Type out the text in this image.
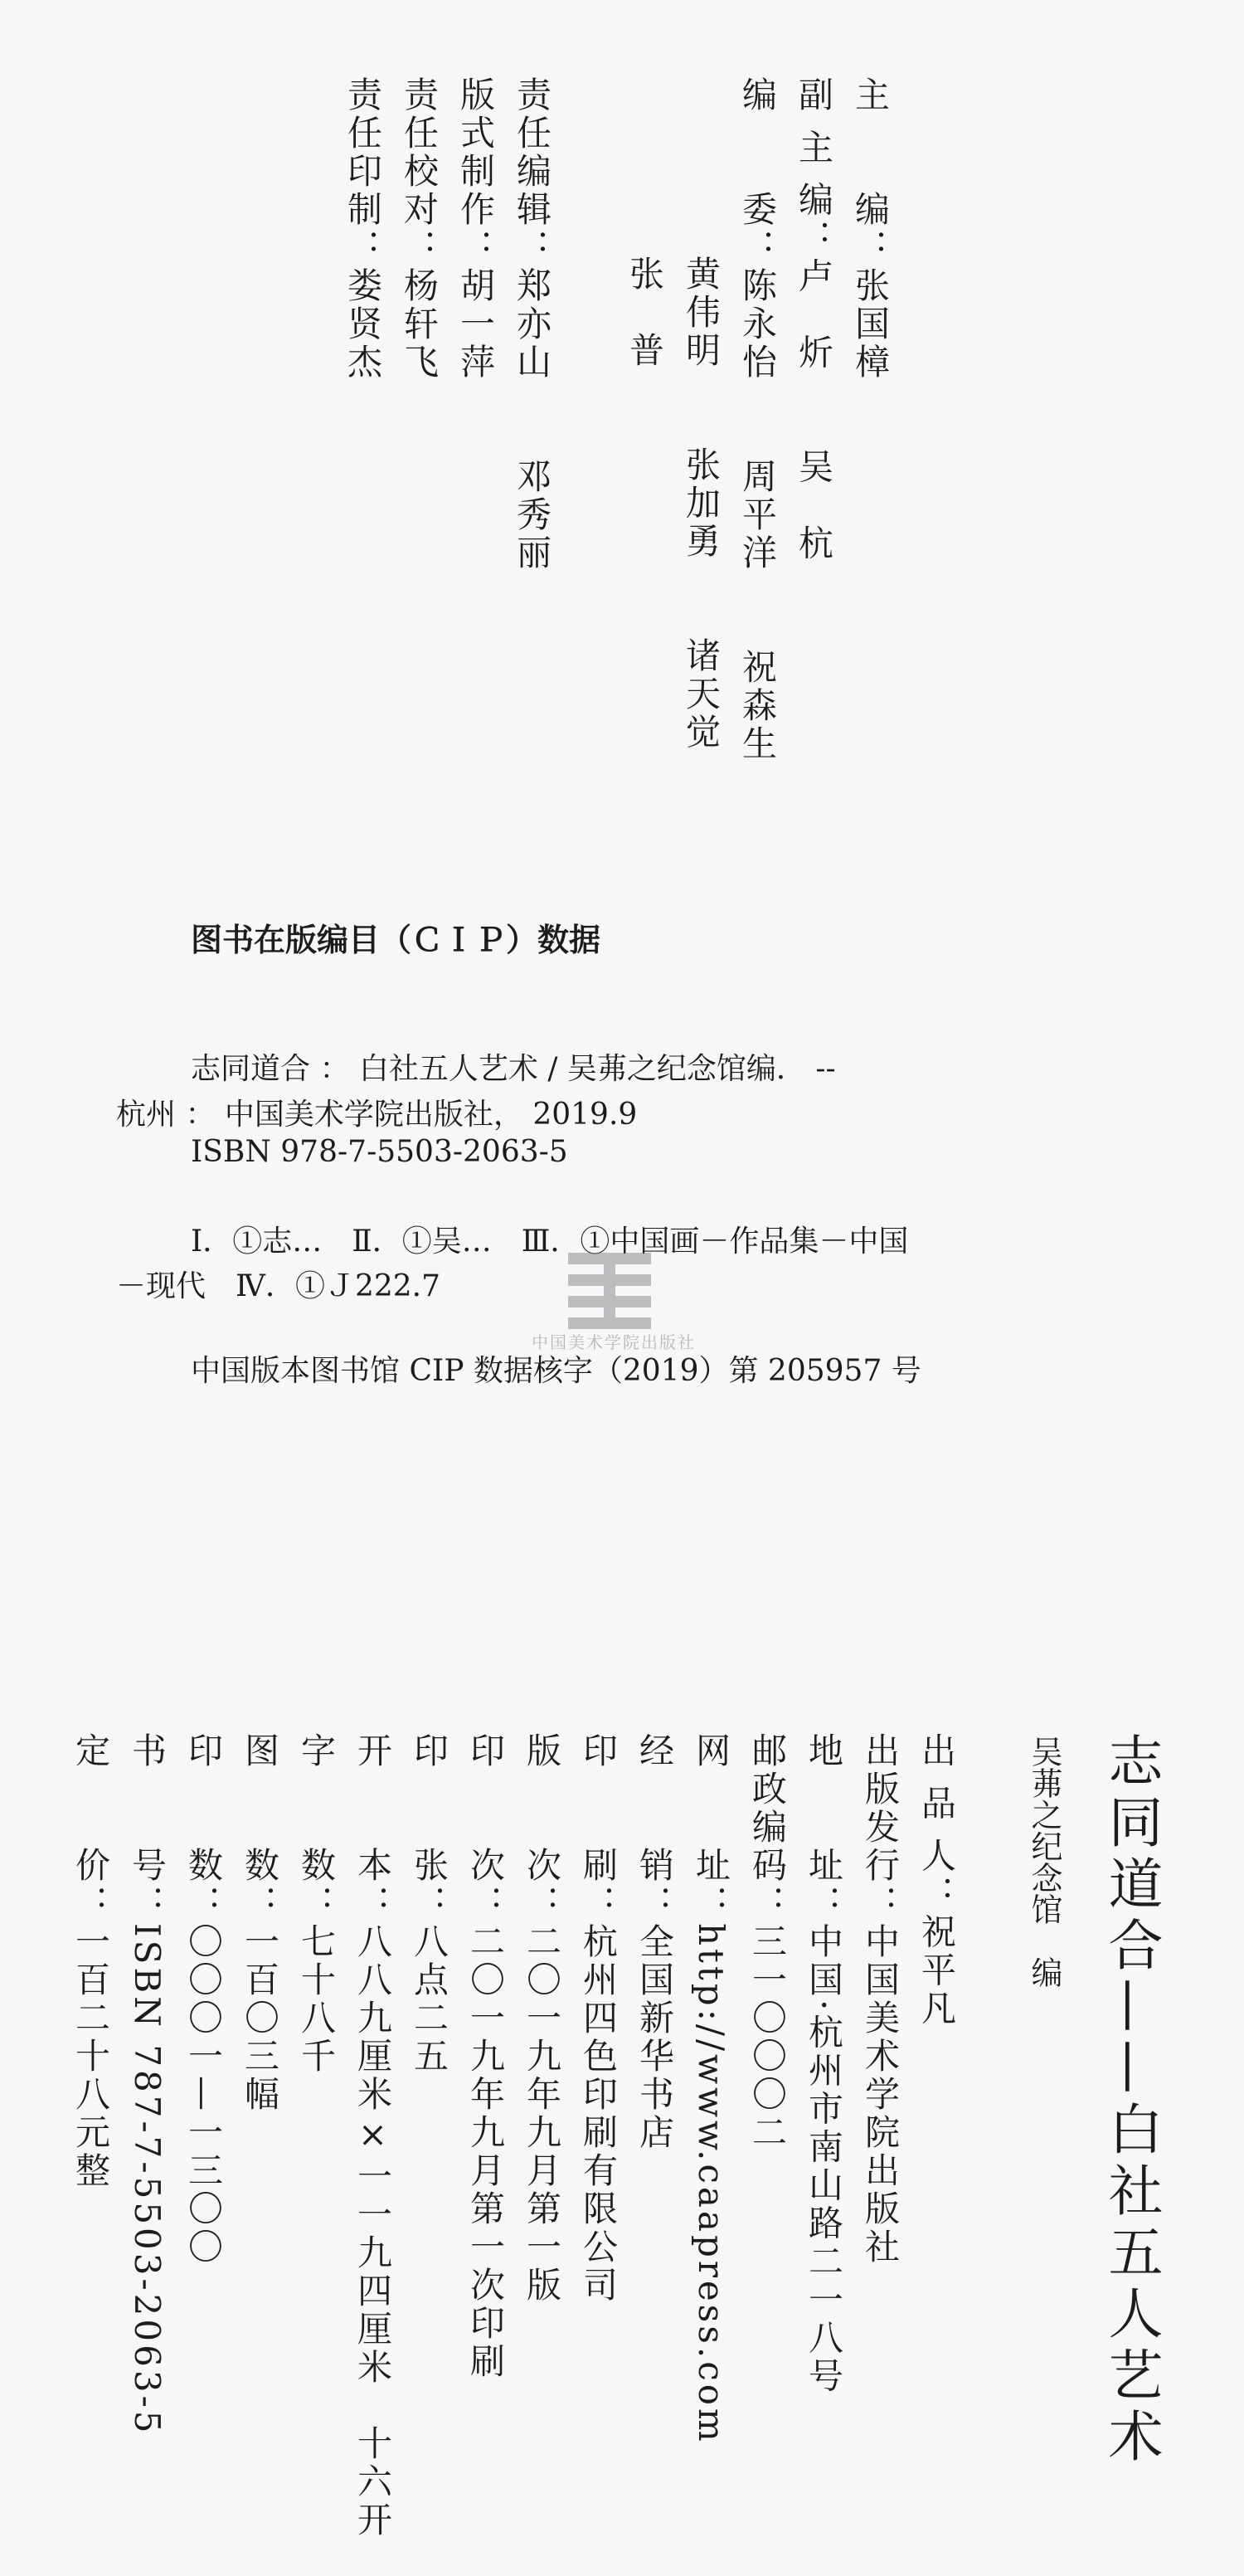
主　　编：张国樟
副 主 编：卢　炘　　吴　杭
编　　委：陈永怡　　周平洋　　祝森生
黄伟明　　张加勇　　诸天觉
张　普
责任编辑：郑亦山　　邓秀丽
版式制作：胡一萍
责任校对：杨轩飞
责任印制：娄贤杰
图书在版编目（ＣＩＰ）数据
志同道合 ： 白社五人艺术 / 吴茀之纪念馆编． --
杭州 ： 中国美术学院出版社， 2019.9
ISBN 978-7-5503-2063-5
Ⅰ．①志…　Ⅱ．①吴…　Ⅲ．①中国画－作品集－中国
－现代　Ⅳ．①Ｊ222.7
中国版本图书馆 CIP 数据核字（2019）第 205957 号
中国美术学院出版社
志同道合——白社五人艺术
吴茀之纪念馆　编
出 品 人：祝平凡
出版发行：中国美术学院出版社
地　　址：中国·杭州市南山路二一八号
邮政编码：三一〇〇〇二
网　　址：http://www.caapress.com
经　　销：全国新华书店
印　　刷：杭州四色印刷有限公司
版　　次：二〇一九年九月第一版
印　　次：二〇一九年九月第一次印刷
印　　张：八点二五
开　　本：八八九厘米×一一九四厘米　十六开
字　　数：七十八千
图　　数：一百〇三幅
印　　数：〇〇〇一—一三〇〇
书　　号：ISBN 787-7-5503-2063-5
定　　价：一百二十八元整
